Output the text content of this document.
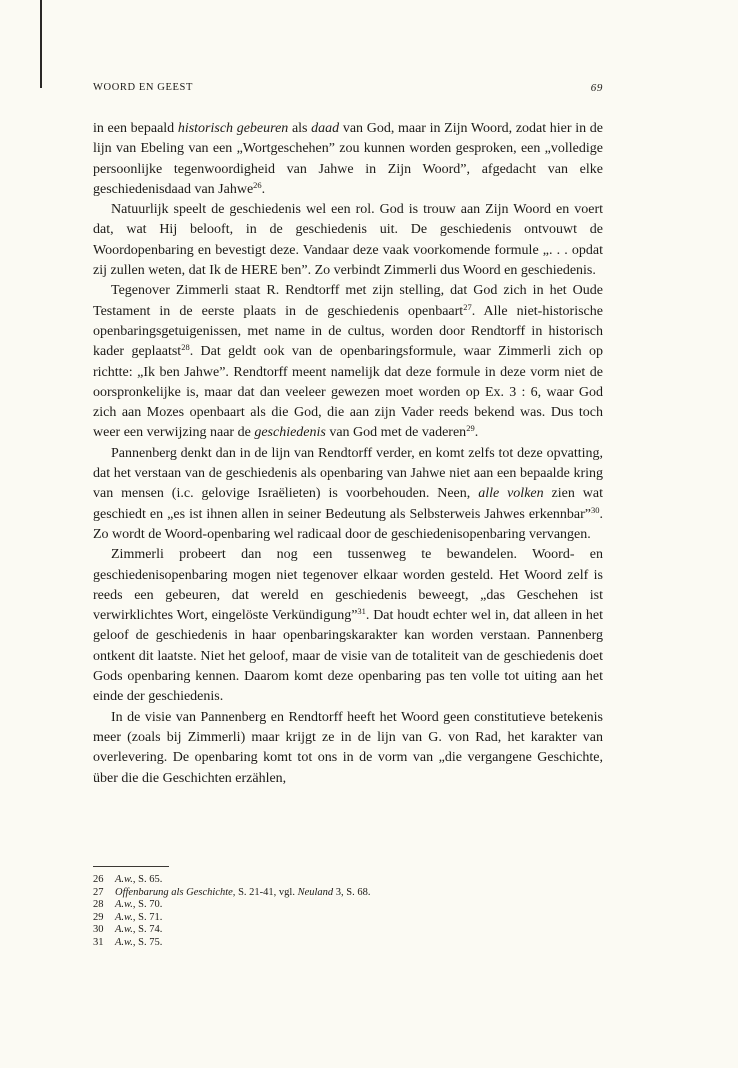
WOORD EN GEEST	69

in een bepaald historisch gebeuren als daad van God, maar in Zijn Woord, zodat hier in de lijn van Ebeling van een „Wortgeschehen” zou kunnen worden gesproken, een „volledige persoonlijke tegenwoordigheid van Jahwe in Zijn Woord”, afgedacht van elke geschiedenisdaad van Jahwe$^{26}$.

Natuurlijk speelt de geschiedenis wel een rol. God is trouw aan Zijn Woord en voert dat, wat Hij belooft, in de geschiedenis uit. De geschiedenis ontvouwt de Woordopenbaring en bevestigt deze. Vandaar deze vaak voorkomende formule „. . . opdat zij zullen weten, dat Ik de HERE ben”. Zo verbindt Zimmerli dus Woord en geschiedenis.

Tegenover Zimmerli staat R. Rendtorff met zijn stelling, dat God zich in het Oude Testament in de eerste plaats in de geschiedenis openbaart$^{27}$. Alle niet-historische openbaringsgetuigenissen, met name in de cultus, worden door Rendtorff in historisch kader geplaatst$^{28}$. Dat geldt ook van de openbaringsformule, waar Zimmerli zich op richtte: „Ik ben Jahwe”. Rendtorff meent namelijk dat deze formule in deze vorm niet de oorspronkelijke is, maar dat dan veeleer gewezen moet worden op Ex. 3 : 6, waar God zich aan Mozes openbaart als die God, die aan zijn Vader reeds bekend was. Dus toch weer een verwijzing naar de geschiedenis van God met de vaderen$^{29}$.

Pannenberg denkt dan in de lijn van Rendtorff verder, en komt zelfs tot deze opvatting, dat het verstaan van de geschiedenis als openbaring van Jahwe niet aan een bepaalde kring van mensen (i.c. gelovige Israëlieten) is voorbehouden. Neen, alle volken zien wat geschiedt en „es ist ihnen allen in seiner Bedeutung als Selbsterweis Jahwes erkennbar”$^{30}$. Zo wordt de Woord-openbaring wel radicaal door de geschiedenisopenbaring vervangen.

Zimmerli probeert dan nog een tussenweg te bewandelen. Woord- en geschiedenisopenbaring mogen niet tegenover elkaar worden gesteld. Het Woord zelf is reeds een gebeuren, dat wereld en geschiedenis beweegt, „das Geschehen ist verwirklichtes Wort, eingelöste Verkündigung”$^{31}$. Dat houdt echter wel in, dat alleen in het geloof de geschiedenis in haar openbaringskarakter kan worden verstaan. Pannenberg ontkent dit laatste. Niet het geloof, maar de visie van de totaliteit van de geschiedenis doet Gods openbaring kennen. Daarom komt deze openbaring pas ten volle tot uiting aan het einde der geschiedenis.

In de visie van Pannenberg en Rendtorff heeft het Woord geen constitutieve betekenis meer (zoals bij Zimmerli) maar krijgt ze in de lijn van G. von Rad, het karakter van overlevering. De openbaring komt tot ons in de vorm van „die vergangene Geschichte, über die die Geschichten erzählen,

26	A.w., S. 65.
27	Offenbarung als Geschichte, S. 21-41, vgl. Neuland 3, S. 68.
28	A.w., S. 70.
29	A.w., S. 71.
30	A.w., S. 74.
31	A.w., S. 75.
